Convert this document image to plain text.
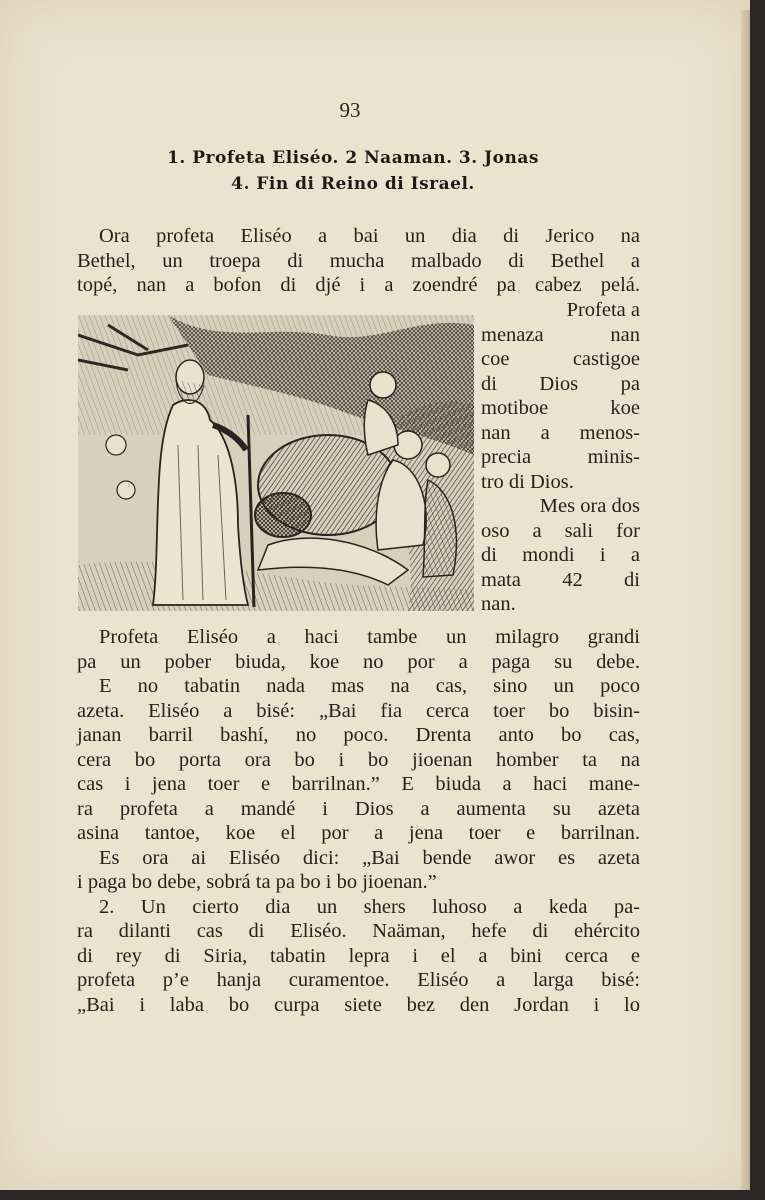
93
1. Profeta Eliséo. 2 Naaman. 3. Jonas
4. Fin di Reino di Israel.
Ora profeta Eliséo a bai un dia di Jerico na
Bethel, un troepa di mucha malbado di Bethel a
topé, nan a bofon di djé i a zoendré pa cabez pelá.
Profeta a
menaza nan
coe castigoe
di Dios pa
motiboe koe
nan a menos-
precia minis-
tro di Dios.
Mes ora dos
oso a sali for
di mondi i a
mata 42 di
nan.
Profeta Eliséo a haci tambe un milagro grandi
pa un pober biuda, koe no por a paga su debe.
E no tabatin nada mas na cas, sino un poco
azeta. Eliséo a bisé: „Bai fia cerca toer bo bisin-
janan barril bashí, no poco. Drenta anto bo cas,
cera bo porta ora bo i bo jioenan homber ta na
cas i jena toer e barrilnan.” E biuda a haci mane-
ra profeta a mandé i Dios a aumenta su azeta
asina tantoe, koe el por a jena toer e barrilnan.
Es ora ai Eliséo dici: „Bai bende awor es azeta
i paga bo debe, sobrá ta pa bo i bo jioenan.”
2. Un cierto dia un shers luhoso a keda pa-
ra dilanti cas di Eliséo. Naäman, hefe di ehército
di rey di Siria, tabatin lepra i el a bini cerca e
profeta p’e hanja curamentoe. Eliséo a larga bisé:
„Bai i laba bo curpa siete bez den Jordan i lo
